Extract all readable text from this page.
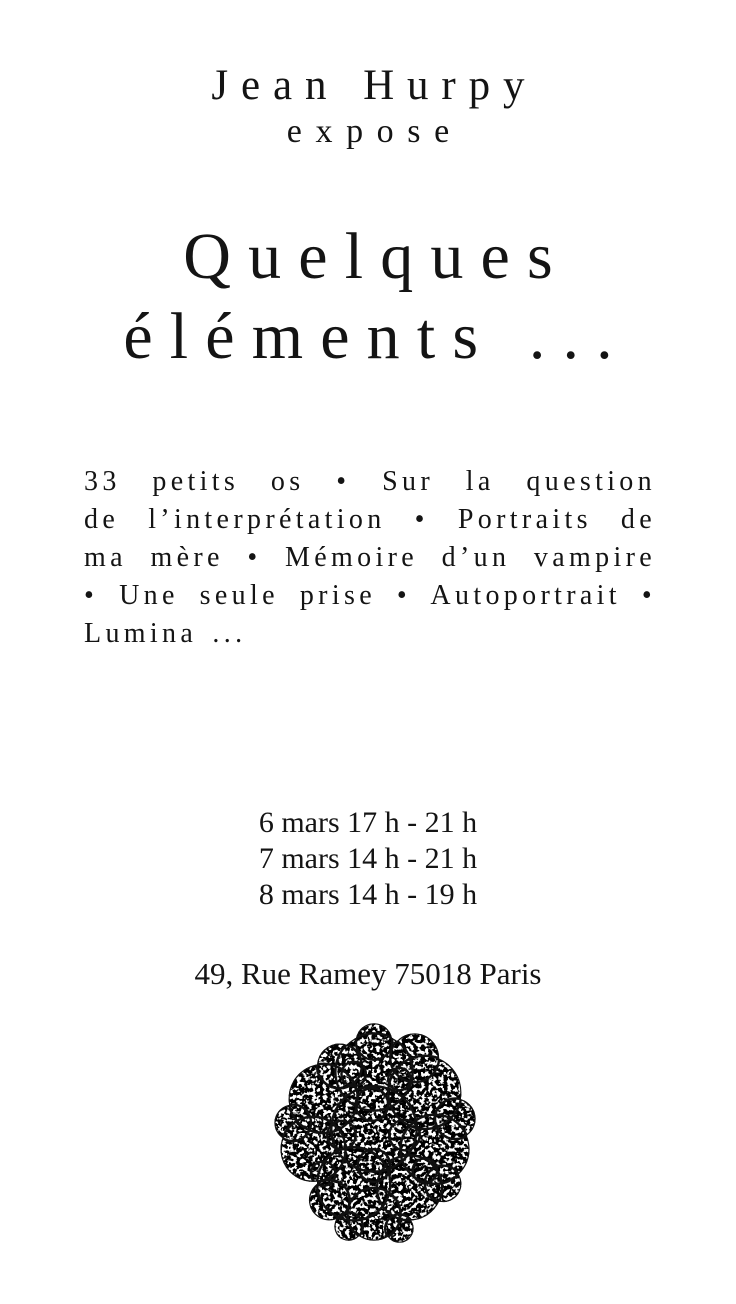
Jean Hurpy
expose
Quelques
éléments ...
33 petits os • Sur la question
de l’interprétation • Portraits de
ma mère • Mémoire d’un vampire
• Une seule prise • Autoportrait •
Lumina ...
6 mars 17 h - 21 h
7 mars 14 h - 21 h
8 mars 14 h - 19 h
49, Rue Ramey 75018 Paris
